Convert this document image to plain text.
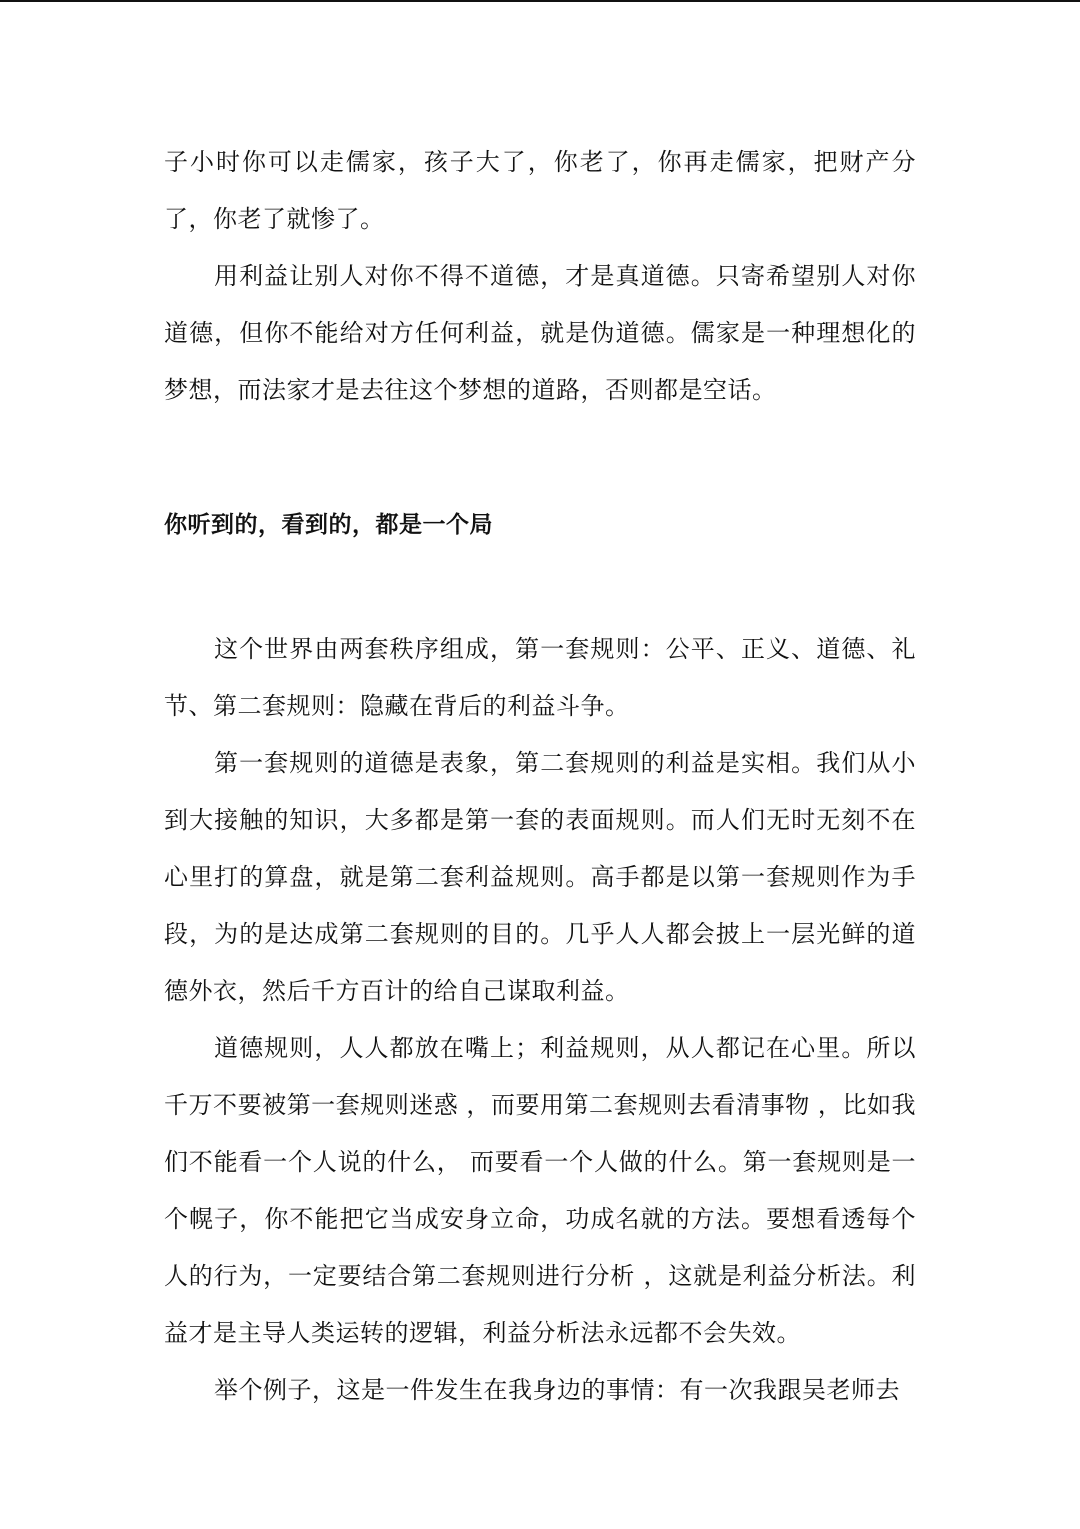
子小时你可以走儒家，孩子大了，你老了，你再走儒家，把财产分了，你老了就惨了。

用利益让别人对你不得不道德，才是真道德。只寄希望别人对你道德，但你不能给对方任何利益，就是伪道德。儒家是一种理想化的梦想，而法家才是去往这个梦想的道路，否则都是空话。

你听到的，看到的，都是一个局

这个世界由两套秩序组成，第一套规则：公平、正义、道德、礼节、第二套规则：隐藏在背后的利益斗争。

第一套规则的道德是表象，第二套规则的利益是实相。我们从小到大接触的知识，大多都是第一套的表面规则。而人们无时无刻不在心里打的算盘，就是第二套利益规则。高手都是以第一套规则作为手段，为的是达成第二套规则的目的。几乎人人都会披上一层光鲜的道德外衣，然后千方百计的给自己谋取利益。

道德规则，人人都放在嘴上；利益规则，从人都记在心里。所以千万不要被第一套规则迷惑 ，而要用第二套规则去看清事物 ，比如我们不能看一个人说的什么， 而要看一个人做的什么。第一套规则是一个幌子，你不能把它当成安身立命，功成名就的方法。要想看透每个人的行为，一定要结合第二套规则进行分析 ，这就是利益分析法。利益才是主导人类运转的逻辑，利益分析法永远都不会失效。

举个例子，这是一件发生在我身边的事情：有一次我跟吴老师去
